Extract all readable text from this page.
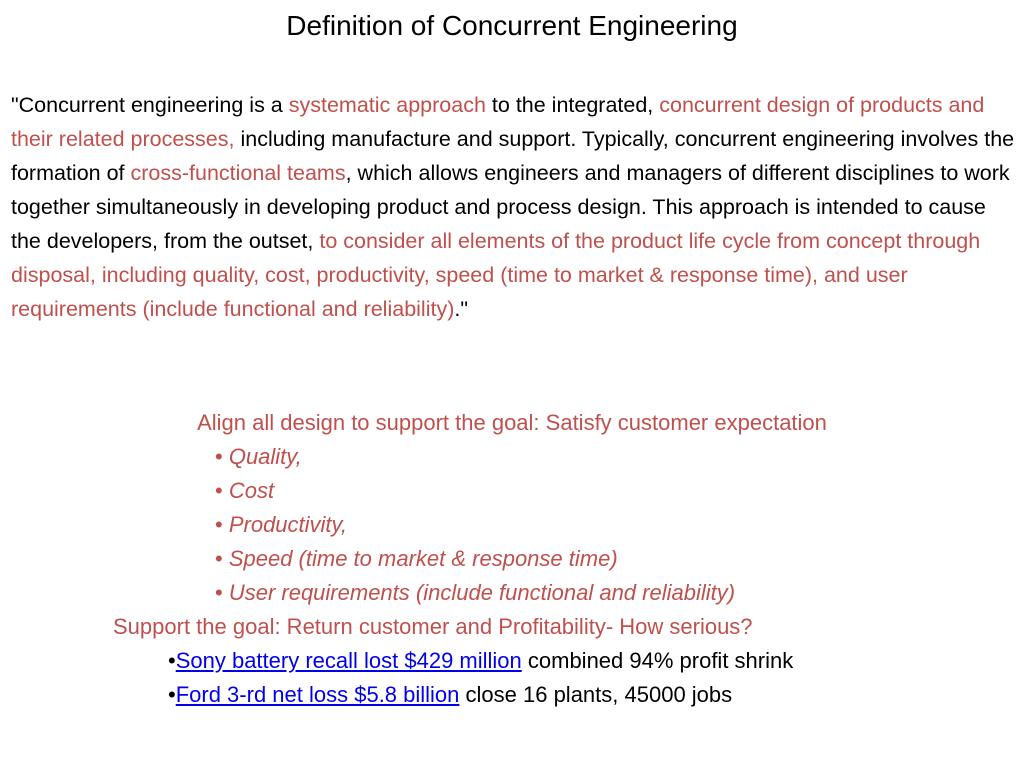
Definition of Concurrent Engineering

"Concurrent engineering is a systematic approach to the integrated, concurrent design of products and their related processes, including manufacture and support. Typically, concurrent engineering involves the formation of cross-functional teams, which allows engineers and managers of different disciplines to work together simultaneously in developing product and process design. This approach is intended to cause the developers, from the outset, to consider all elements of the product life cycle from concept through disposal, including quality, cost, productivity, speed (time to market & response time), and user requirements (include functional and reliability)."

Align all design to support the goal: Satisfy customer expectation

• Quality,
• Cost
• Productivity,
• Speed (time to market & response time)
• User requirements (include functional and reliability)

Support the goal: Return customer and Profitability- How serious?

•Sony battery recall lost $429 million combined 94% profit shrink
•Ford 3-rd net loss $5.8 billion close 16 plants, 45000 jobs
